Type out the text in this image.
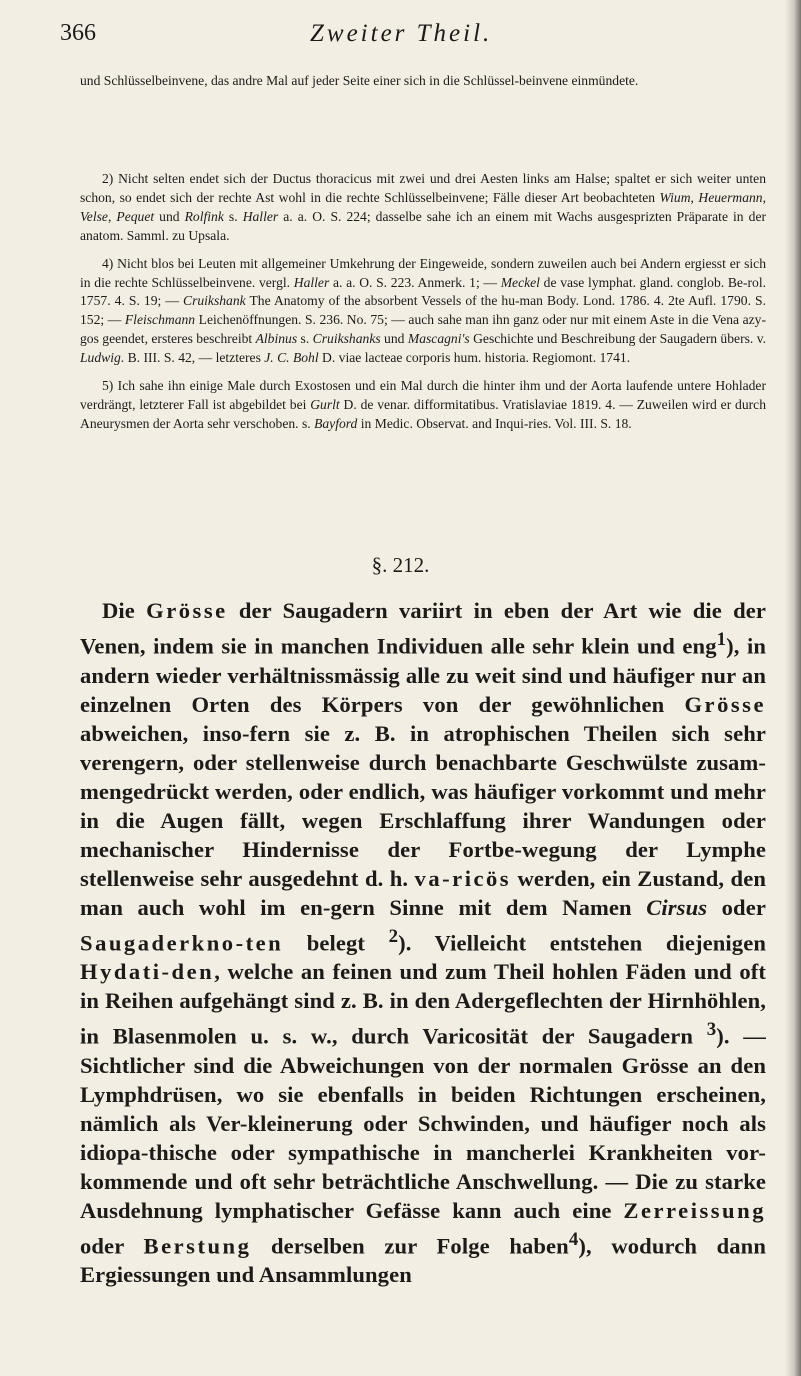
366	Zweiter Theil.

und Schlüsselbeinvene, das andre Mal auf jeder Seite einer sich in die Schlüssel-beinvene einmündete.

2) Nicht selten endet sich der Ductus thoracicus mit zwei und drei Aesten links am Halse; spaltet er sich weiter unten schon, so endet sich der rechte Ast wohl in die rechte Schlüsselbeinvene; Fälle dieser Art beobachteten Wium, Heuermann, Velse, Pequet und Rolfink s. Haller a. a. O. S. 224; dasselbe sahe ich an einem mit Wachs ausgesprizten Präparate in der anatom. Samml. zu Upsala.

4) Nicht blos bei Leuten mit allgemeiner Umkehrung der Eingeweide, sondern zuweilen auch bei Andern ergiesst er sich in die rechte Schlüsselbeinvene. vergl. Haller a. a. O. S. 223. Anmerk. 1; — Meckel de vase lymphat. gland. conglob. Be-rol. 1757. 4. S. 19; — Cruikshank The Anatomy of the absorbent Vessels of the hu-man Body. Lond. 1786. 4. 2te Aufl. 1790. S. 152; — Fleischmann Leichenöffnungen. S. 236. No. 75; — auch sahe man ihn ganz oder nur mit einem Aste in die Vena azy-gos geendet, ersteres beschreibt Albinus s. Cruikshanks und Mascagni's Geschichte und Beschreibung der Saugadern übers. v. Ludwig. B. III. S. 42, — letzteres J. C. Bohl D. viae lacteae corporis hum. historia. Regiomont. 1741.

5) Ich sahe ihn einige Male durch Exostosen und ein Mal durch die hinter ihm und der Aorta laufende untere Hohlader verdrängt, letzterer Fall ist abgebildet bei Gurlt D. de venar. difformitatibus. Vratislaviae 1819. 4. — Zuweilen wird er durch Aneurysmen der Aorta sehr verschoben. s. Bayford in Medic. Observat. and Inqui-ries. Vol. III. S. 18.

§. 212.

Die Grösse der Saugadern variirt in eben der Art wie die der Venen, indem sie in manchen Individuen alle sehr klein und eng$^1$), in andern wieder verhältnissmässig alle zu weit sind und häufiger nur an einzelnen Orten des Körpers von der gewöhnlichen Grösse abweichen, inso-fern sie z. B. in atrophischen Theilen sich sehr verengern, oder stellenweise durch benachbarte Geschwülste zusam-mengedrückt werden, oder endlich, was häufiger vorkommt und mehr in die Augen fällt, wegen Erschlaffung ihrer Wandungen oder mechanischer Hindernisse der Fortbe-wegung der Lymphe stellenweise sehr ausgedehnt d. h. va-ricös werden, ein Zustand, den man auch wohl im en-gern Sinne mit dem Namen Cirsus oder Saugaderkno-ten belegt $^2$). Vielleicht entstehen diejenigen Hydati-den, welche an feinen und zum Theil hohlen Fäden und oft in Reihen aufgehängt sind z. B. in den Adergeflechten der Hirnhöhlen, in Blasenmolen u. s. w., durch Varicosität der Saugadern $^3$). — Sichtlicher sind die Abweichungen von der normalen Grösse an den Lymphdrüsen, wo sie ebenfalls in beiden Richtungen erscheinen, nämlich als Ver-kleinerung oder Schwinden, und häufiger noch als idiopa-thische oder sympathische in mancherlei Krankheiten vor-kommende und oft sehr beträchtliche Anschwellung. — Die zu starke Ausdehnung lymphatischer Gefässe kann auch eine Zerreissung oder Berstung derselben zur Folge haben$^4$), wodurch dann Ergiessungen und Ansammlungen
